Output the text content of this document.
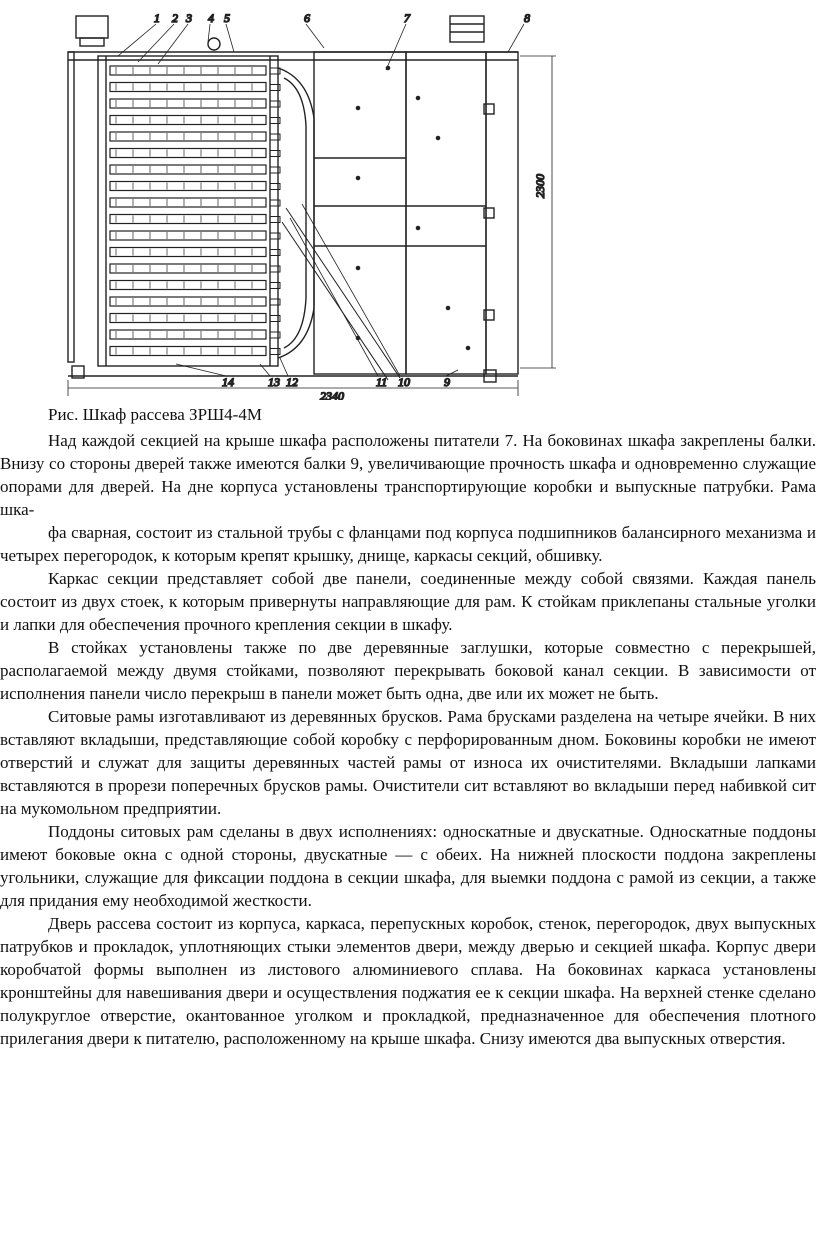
1 2 3 4 5	6	7	8
14	13 12	11 10	9
2340
2300
Рис. Шкаф рассева ЗРШ4-4М

Над каждой секцией на крыше шкафа расположены питатели 7. На боковинах шкафа закреплены балки. Внизу со стороны дверей также имеются балки 9, увеличивающие прочность шкафа и одновременно служащие опорами для дверей. На дне корпуса установлены транспортирующие коробки и выпускные патрубки. Рама шка-

фа сварная, состоит из стальной трубы с фланцами под корпуса подшипников балансирного механизма и четырех перегородок, к которым крепят крышку, днище, каркасы секций, обшивку.

Каркас секции представляет собой две панели, соединенные между собой связями. Каждая панель состоит из двух стоек, к которым привернуты направляющие для рам. К стойкам приклепаны стальные уголки и лапки для обеспечения прочного крепления секции в шкафу.

В стойках установлены также по две деревянные заглушки, которые совместно с перекрышей, располагаемой между двумя стойками, позволяют перекрывать боковой канал секции. В зависимости от исполнения панели число перекрыш в панели может быть одна, две или их может не быть.

Ситовые рамы изготавливают из деревянных брусков. Рама брусками разделена на четыре ячейки. В них вставляют вкладыши, представляющие собой коробку с перфорированным дном. Боковины коробки не имеют отверстий и служат для защиты деревянных частей рамы от износа их очистителями. Вкладыши лапками вставляются в прорези поперечных брусков рамы. Очистители сит вставляют во вкладыши перед набивкой сит на мукомольном предприятии.

Поддоны ситовых рам сделаны в двух исполнениях: односкатные и двускатные. Односкатные поддоны имеют боковые окна с одной стороны, двускатные — с обеих. На нижней плоскости поддона закреплены угольники, служащие для фиксации поддона в секции шкафа, для выемки поддона с рамой из секции, а также для придания ему необходимой жесткости.

Дверь рассева состоит из корпуса, каркаса, перепускных коробок, стенок, перегородок, двух выпускных патрубков и прокладок, уплотняющих стыки элементов двери, между дверью и секцией шкафа. Корпус двери коробчатой формы выполнен из листового алюминиевого сплава. На боковинах каркаса установлены кронштейны для навешивания двери и осуществления поджатия ее к секции шкафа. На верхней стенке сделано полукруглое отверстие, окантованное уголком и прокладкой, предназначенное для обеспечения плотного прилегания двери к питателю, расположенному на крыше шкафа. Снизу имеются два выпускных отверстия.
